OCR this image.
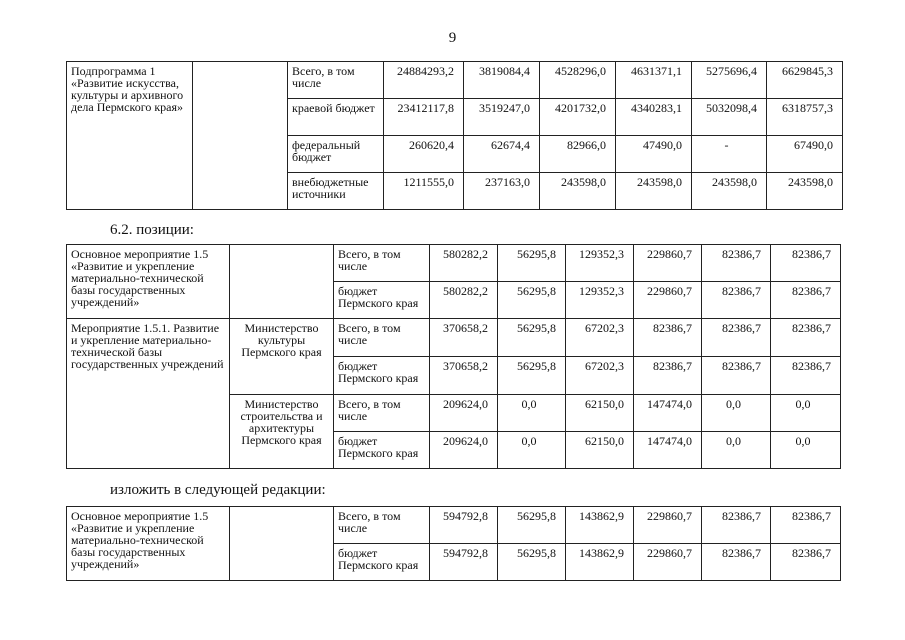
9
Подпрограмма 1 «Развитие искусства, культуры и архивного дела Пермского края»		Всего, в том числе	24884293,2	3819084,4	4528296,0	4631371,1	5275696,4	6629845,3
		краевой бюджет	23412117,8	3519247,0	4201732,0	4340283,1	5032098,4	6318757,3
		федеральный бюджет	260620,4	62674,4	82966,0	47490,0	-	67490,0
		внебюджетные источники	1211555,0	237163,0	243598,0	243598,0	243598,0	243598,0
6.2. позиции:
Основное мероприятие 1.5 «Развитие и укрепление материально-технической базы государственных учреждений»		Всего, в том числе	580282,2	56295,8	129352,3	229860,7	82386,7	82386,7
		бюджет Пермского края	580282,2	56295,8	129352,3	229860,7	82386,7	82386,7
Мероприятие 1.5.1. Развитие и укрепление материально-технической базы государственных учреждений	Министерство культуры Пермского края	Всего, в том числе	370658,2	56295,8	67202,3	82386,7	82386,7	82386,7
		бюджет Пермского края	370658,2	56295,8	67202,3	82386,7	82386,7	82386,7
	Министерство строительства и архитектуры Пермского края	Всего, в том числе	209624,0	0,0	62150,0	147474,0	0,0	0,0
		бюджет Пермского края	209624,0	0,0	62150,0	147474,0	0,0	0,0
изложить в следующей редакции:
Основное мероприятие 1.5 «Развитие и укрепление материально-технической базы государственных учреждений»		Всего, в том числе	594792,8	56295,8	143862,9	229860,7	82386,7	82386,7
		бюджет Пермского края	594792,8	56295,8	143862,9	229860,7	82386,7	82386,7
